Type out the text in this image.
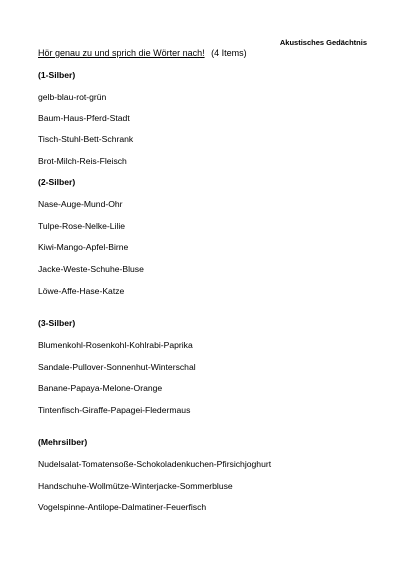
Akustisches Gedächtnis
Hör genau zu und sprich die Wörter nach! (4 Items)
(1-Silber)
gelb-blau-rot-grün
Baum-Haus-Pferd-Stadt
Tisch-Stuhl-Bett-Schrank
Brot-Milch-Reis-Fleisch
(2-Silber)
Nase-Auge-Mund-Ohr
Tulpe-Rose-Nelke-Lilie
Kiwi-Mango-Apfel-Birne
Jacke-Weste-Schuhe-Bluse
Löwe-Affe-Hase-Katze
(3-Silber)
Blumenkohl-Rosenkohl-Kohlrabi-Paprika
Sandale-Pullover-Sonnenhut-Winterschal
Banane-Papaya-Melone-Orange
Tintenfisch-Giraffe-Papagei-Fledermaus
(Mehrsilber)
Nudelsalat-Tomatensoße-Schokoladenkuchen-Pfirsichjoghurt
Handschuhe-Wollmütze-Winterjacke-Sommerbluse
Vogelspinne-Antilope-Dalmatiner-Feuerfisch
